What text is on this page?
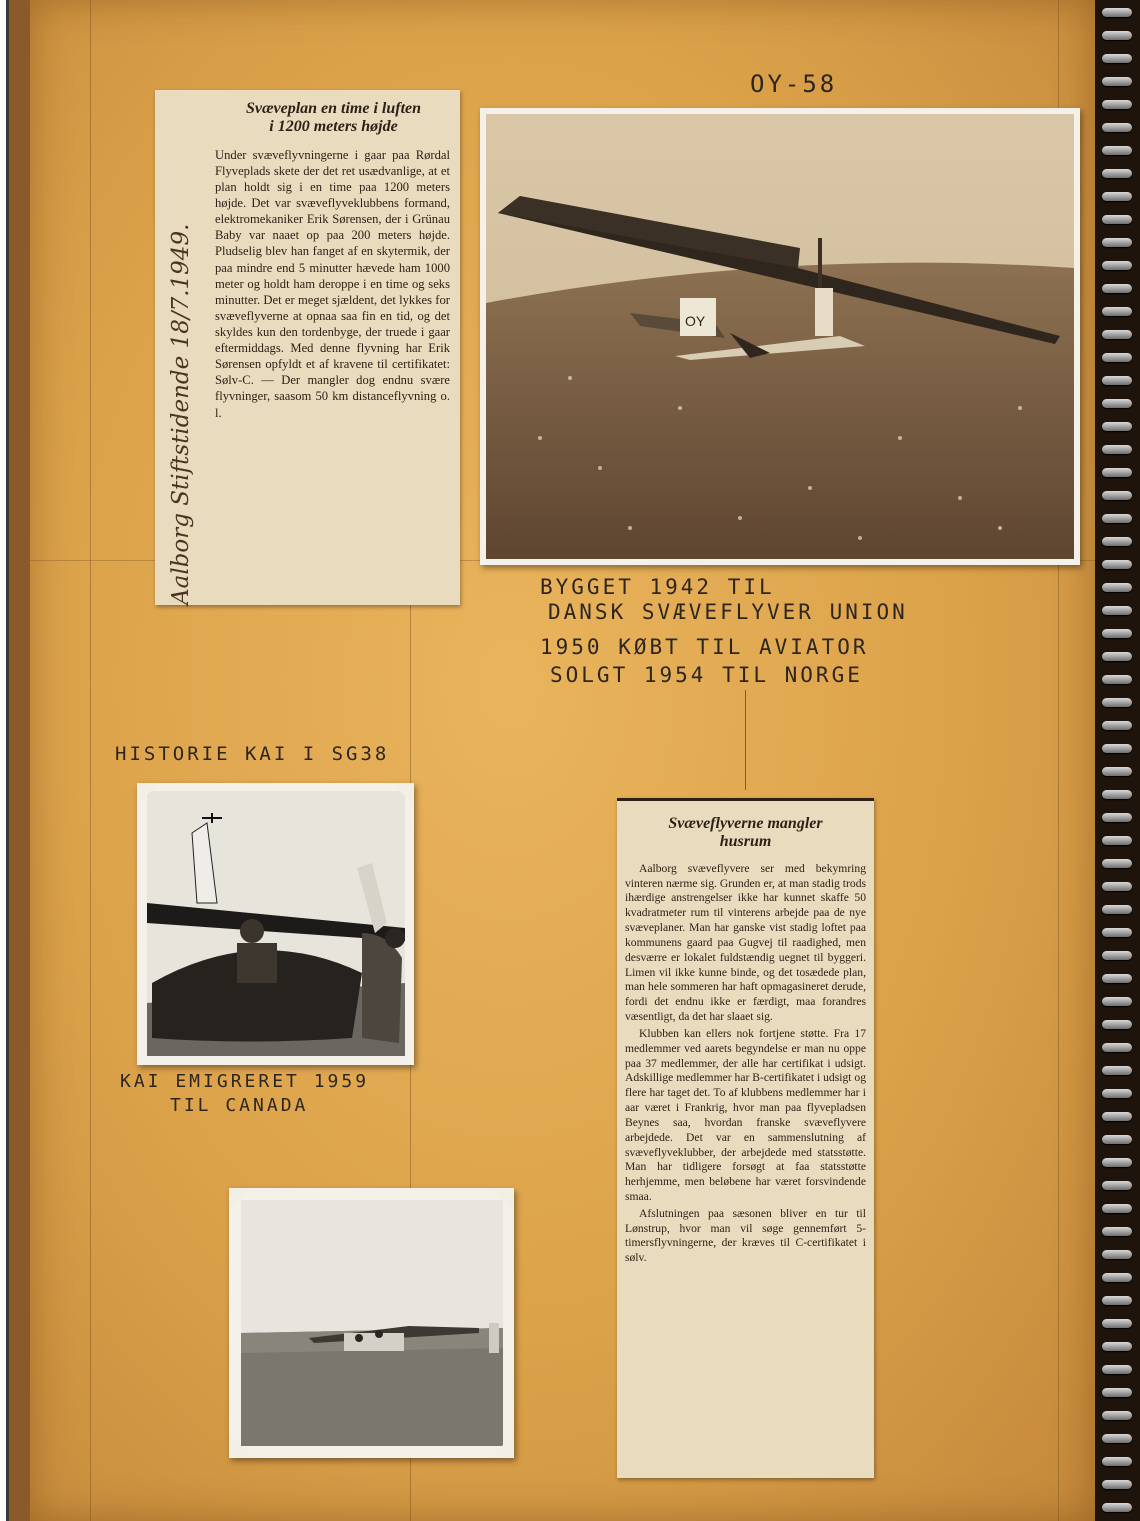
OY-58
Svæveplan en time i luften
i 1200 meters højde
Under svæveflyvningerne i gaar paa Rørdal Flyveplads skete der det ret usædvanlige, at et plan holdt sig i en time paa 1200 meters højde. Det var svæveflyveklubbens formand, elektromekaniker Erik Sørensen, der i Grünau Baby var naaet op paa 200 meters højde. Pludselig blev han fanget af en skytermik, der paa mindre end 5 minutter hævede ham 1000 meter og holdt ham deroppe i en time og seks minutter. Det er meget sjældent, det lykkes for svæveflyverne at opnaa saa fin en tid, og det skyldes kun den tordenbyge, der truede i gaar eftermiddags. Med denne flyvning har Erik Sørensen opfyldt et af kravene til certifikatet: Sølv-C. — Der mangler dog endnu svære flyvninger, saasom 50 km distanceflyvning o. l.
Aalborg Stiftstidende 18/7.1949.	OY
BYGGET 1942 TIL
DANSK SVÆVEFLYVER UNION
1950 KØBT TIL AVIATOR
SOLGT 1954 TIL NORGE
HISTORIE KAI I SG38
KAI EMIGRERET 1959
TIL CANADA
Svæveflyverne mangler
husrum
Aalborg svæveflyvere ser med bekymring vinteren nærme sig. Grunden er, at man stadig trods ihærdige anstrengelser ikke har kunnet skaffe 50 kvadratmeter rum til vinterens arbejde paa de nye svæveplaner. Man har ganske vist stadig loftet paa kommunens gaard paa Gugvej til raadighed, men desværre er lokalet fuldstændig uegnet til byggeri. Limen vil ikke kunne binde, og det tosædede plan, man hele sommeren har haft opmagasineret derude, fordi det endnu ikke er færdigt, maa forandres væsentligt, da det har slaaet sig.
Klubben kan ellers nok fortjene støtte. Fra 17 medlemmer ved aarets begyndelse er man nu oppe paa 37 medlemmer, der alle har certifikat i udsigt. Adskillige medlemmer har B-certifikatet i udsigt og flere har taget det. To af klubbens medlemmer har i aar været i Frankrig, hvor man paa flyvepladsen Beynes saa, hvordan franske svæveflyvere arbejdede. Det var en sammenslutning af svæveflyveklubber, der arbejdede med statsstøtte. Man har tidligere forsøgt at faa statsstøtte herhjemme, men beløbene har været forsvindende smaa.
Afslutningen paa sæsonen bliver en tur til Lønstrup, hvor man vil søge gennemført 5-timersflyvningerne, der kræves til C-certifikatet i sølv.
